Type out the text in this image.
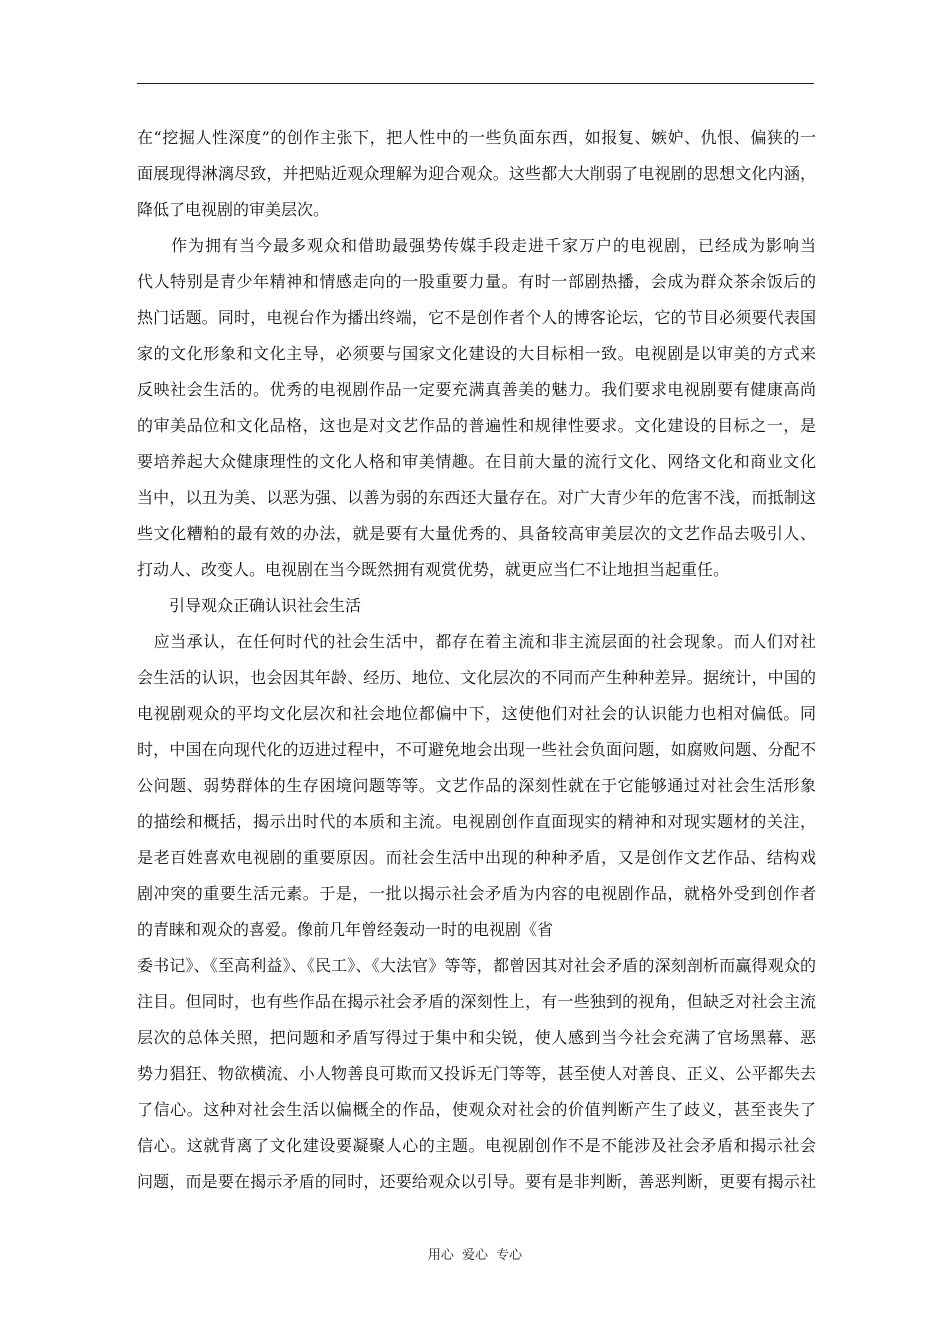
在“挖掘人性深度”的创作主张下，把人性中的一些负面东西，如报复、嫉妒、仇恨、偏狭的一
面展现得淋漓尽致，并把贴近观众理解为迎合观众。这些都大大削弱了电视剧的思想文化内涵，
降低了电视剧的审美层次。
　　作为拥有当今最多观众和借助最强势传媒手段走进千家万户的电视剧，已经成为影响当
代人特别是青少年精神和情感走向的一股重要力量。有时一部剧热播，会成为群众茶余饭后的
热门话题。同时，电视台作为播出终端，它不是创作者个人的博客论坛，它的节目必须要代表国
家的文化形象和文化主导，必须要与国家文化建设的大目标相一致。电视剧是以审美的方式来
反映社会生活的。优秀的电视剧作品一定要充满真善美的魅力。我们要求电视剧要有健康高尚
的审美品位和文化品格，这也是对文艺作品的普遍性和规律性要求。文化建设的目标之一，是
要培养起大众健康理性的文化人格和审美情趣。在目前大量的流行文化、网络文化和商业文化
当中，以丑为美、以恶为强、以善为弱的东西还大量存在。对广大青少年的危害不浅，而抵制这
些文化糟粕的最有效的办法，就是要有大量优秀的、具备较高审美层次的文艺作品去吸引人、
打动人、改变人。电视剧在当今既然拥有观赏优势，就更应当仁不让地担当起重任。
　　引导观众正确认识社会生活
　应当承认，在任何时代的社会生活中，都存在着主流和非主流层面的社会现象。而人们对社
会生活的认识，也会因其年龄、经历、地位、文化层次的不同而产生种种差异。据统计，中国的
电视剧观众的平均文化层次和社会地位都偏中下，这使他们对社会的认识能力也相对偏低。同
时，中国在向现代化的迈进过程中，不可避免地会出现一些社会负面问题，如腐败问题、分配不
公问题、弱势群体的生存困境问题等等。文艺作品的深刻性就在于它能够通过对社会生活形象
的描绘和概括，揭示出时代的本质和主流。电视剧创作直面现实的精神和对现实题材的关注，
是老百姓喜欢电视剧的重要原因。而社会生活中出现的种种矛盾，又是创作文艺作品、结构戏
剧冲突的重要生活元素。于是，一批以揭示社会矛盾为内容的电视剧作品，就格外受到创作者
的青睐和观众的喜爱。像前几年曾经轰动一时的电视剧《省
委书记》、《至高利益》、《民工》、《大法官》等等，都曾因其对社会矛盾的深刻剖析而赢得观众的
注目。但同时，也有些作品在揭示社会矛盾的深刻性上，有一些独到的视角，但缺乏对社会主流
层次的总体关照，把问题和矛盾写得过于集中和尖锐，使人感到当今社会充满了官场黑幕、恶
势力猖狂、物欲横流、小人物善良可欺而又投诉无门等等，甚至使人对善良、正义、公平都失去
了信心。这种对社会生活以偏概全的作品，使观众对社会的价值判断产生了歧义，甚至丧失了
信心。这就背离了文化建设要凝聚人心的主题。电视剧创作不是不能涉及社会矛盾和揭示社会
问题，而是要在揭示矛盾的同时，还要给观众以引导。要有是非判断，善恶判断，更要有揭示社
用心 爱心 专心
